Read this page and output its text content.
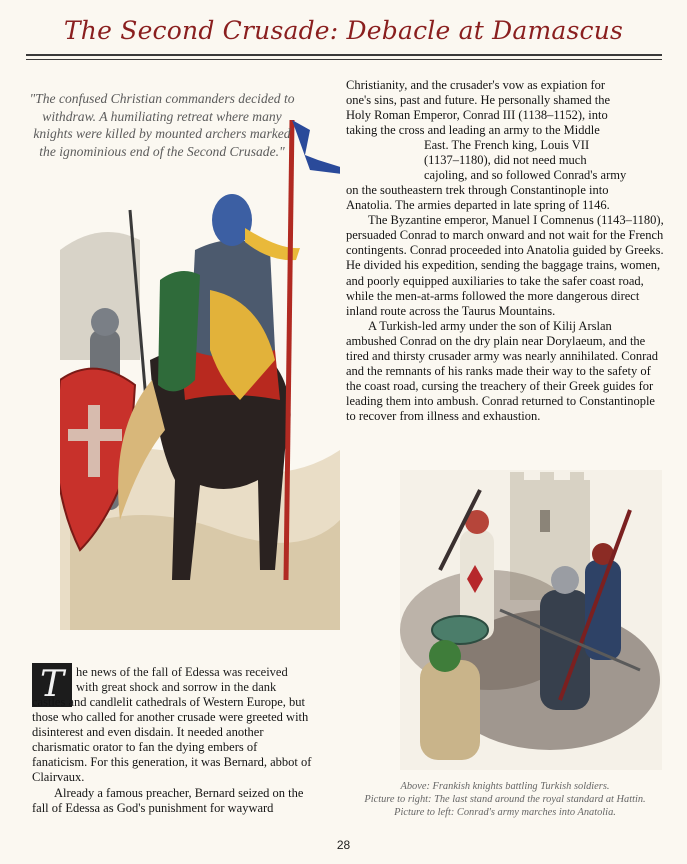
The Second Crusade: Debacle at Damascus
"The confused Christian commanders decided to withdraw. A humiliating retreat where many knights were killed by mounted archers marked the ignominious end of the Second Crusade."

Christianity, and the crusader's vow as expiation for

one's sins, past and future. He personally shamed the

Holy Roman Emperor, Conrad III (1138–1152), into

taking the cross and leading an army to the Middle

East. The French king, Louis VII

(1137–1180), did not need much

cajoling, and so followed Conrad's army

on the southeastern trek through Constantinople into

Anatolia. The armies departed in late spring of 1146.

The Byzantine emperor, Manuel I Comnenus (1143–1180), persuaded Conrad to march onward and not wait for the French contingents. Conrad proceeded into Anatolia guided by Greeks. He divided his expedition, sending the baggage trains, women, and poorly equipped auxiliaries to take the safer coast road, while the men-at-arms followed the more dangerous direct inland route across the Taurus Mountains.

A Turkish-led army under the son of Kilij Arslan ambushed Conrad on the dry plain near Dorylaeum, and the tired and thirsty crusader army was nearly annihilated. Conrad and the remnants of his ranks made their way to the safety of the coast road, cursing the treachery of their Greek guides for leading them into ambush. Conrad returned to Constantinople to recover from illness and exhaustion.

T he news of the fall of Edessa was received

with great shock and sorrow in the dank

castles and candlelit cathedrals of Western Europe, but those who called for another crusade were greeted with disinterest and even disdain. It needed another charismatic orator to fan the dying embers of fanaticism. For this generation, it was Bernard, abbot of Clairvaux.

Already a famous preacher, Bernard seized on the fall of Edessa as God's punishment for wayward

Above: Frankish knights battling Turkish soldiers.

Picture to right: The last stand around the royal standard at Hattin.

Picture to left: Conrad's army marches into Anatolia.

28
